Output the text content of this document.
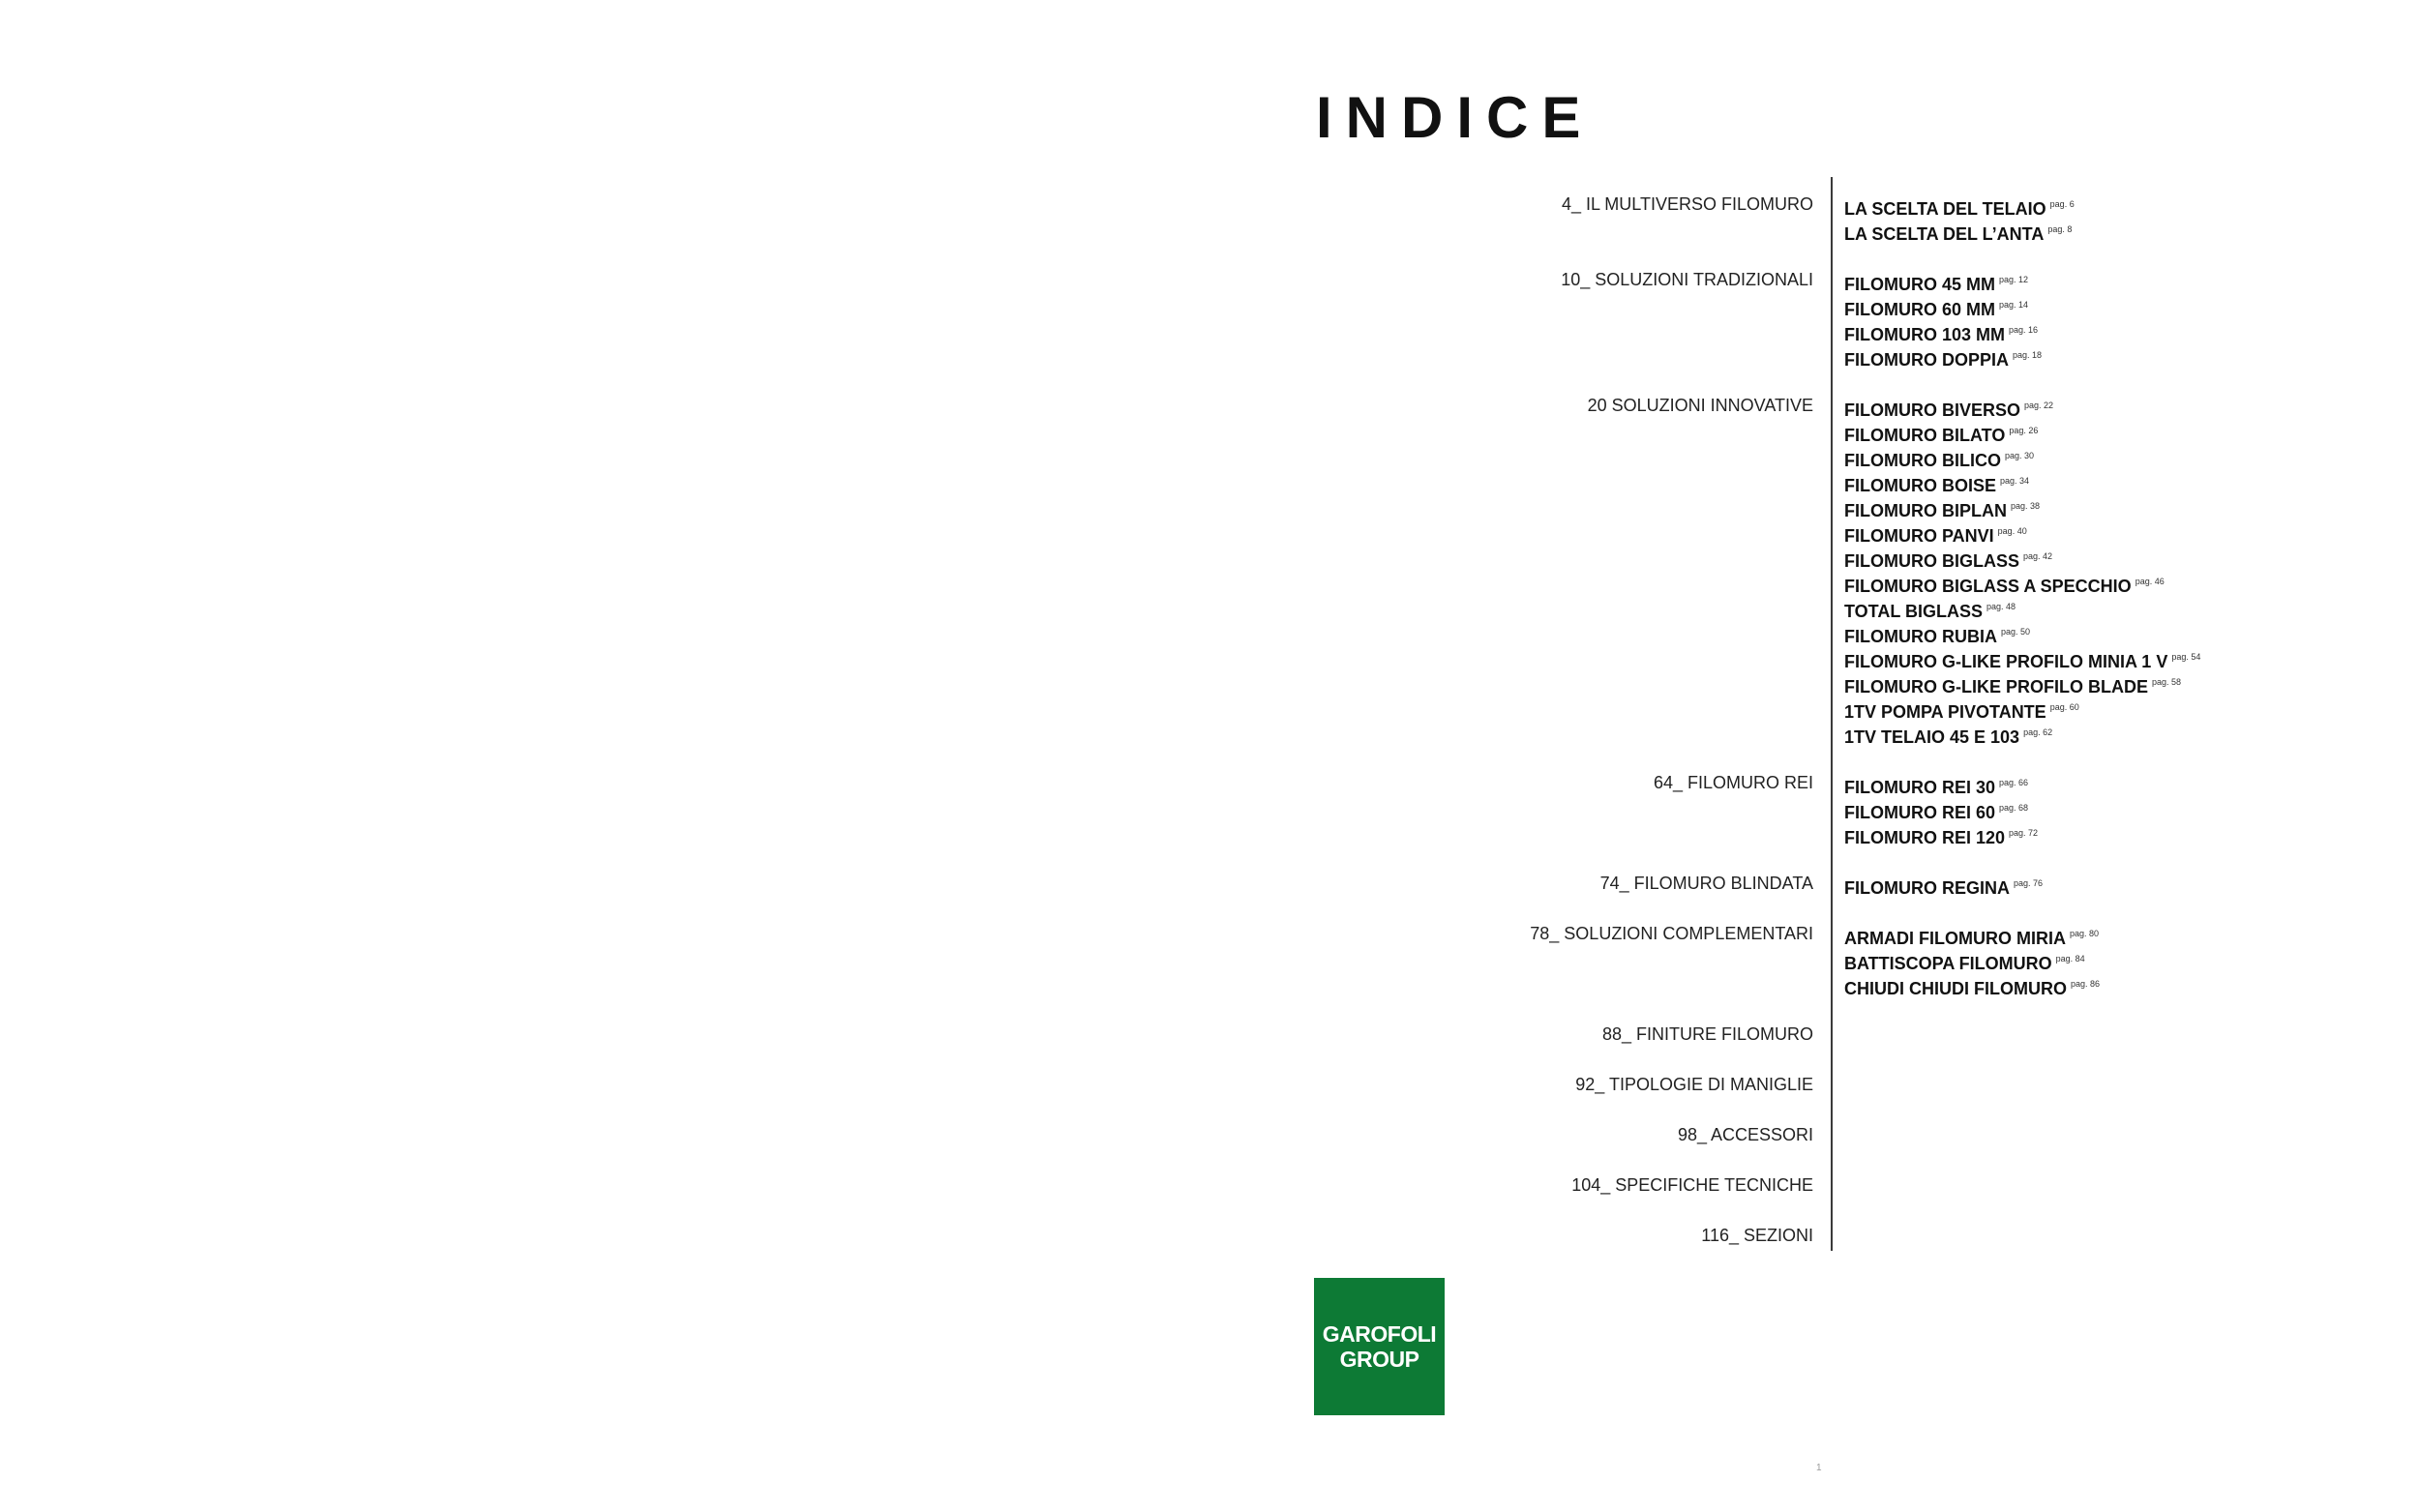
INDICE
4_ IL MULTIVERSO FILOMURO LA SCELTA DEL TELAIO $^{pag. 6}$
LA SCELTA DEL L’ANTA $^{pag. 8}$
10_ SOLUZIONI TRADIZIONALI FILOMURO 45 MM $^{pag. 12}$
FILOMURO 60 MM $^{pag. 14}$
FILOMURO 103 MM $^{pag. 16}$
FILOMURO DOPPIA $^{pag. 18}$
20 SOLUZIONI INNOVATIVE FILOMURO BIVERSO $^{pag. 22}$
FILOMURO BILATO $^{pag. 26}$
FILOMURO BILICO $^{pag. 30}$
FILOMURO BOISE $^{pag. 34}$
FILOMURO BIPLAN $^{pag. 38}$
FILOMURO PANVI $^{pag. 40}$
FILOMURO BIGLASS $^{pag. 42}$
FILOMURO BIGLASS A SPECCHIO $^{pag. 46}$
TOTAL BIGLASS $^{pag. 48}$
FILOMURO RUBIA $^{pag. 50}$
FILOMURO G-LIKE PROFILO MINIA 1 V $^{pag. 54}$
FILOMURO G-LIKE PROFILO BLADE $^{pag. 58}$
1TV POMPA PIVOTANTE $^{pag. 60}$
1TV TELAIO 45 E 103 $^{pag. 62}$
64_ FILOMURO REI FILOMURO REI 30 $^{pag. 66}$
FILOMURO REI 60 $^{pag. 68}$
FILOMURO REI 120 $^{pag. 72}$
74_ FILOMURO BLINDATA FILOMURO REGINA $^{pag. 76}$
78_ SOLUZIONI COMPLEMENTARI ARMADI FILOMURO MIRIA $^{pag. 80}$
BATTISCOPA FILOMURO $^{pag. 84}$
CHIUDI CHIUDI FILOMURO $^{pag. 86}$
88_ FINITURE FILOMURO
92_ TIPOLOGIE DI MANIGLIE
98_ ACCESSORI
104_ SPECIFICHE TECNICHE
116_ SEZIONI
GAROFOLI
GROUP
1
